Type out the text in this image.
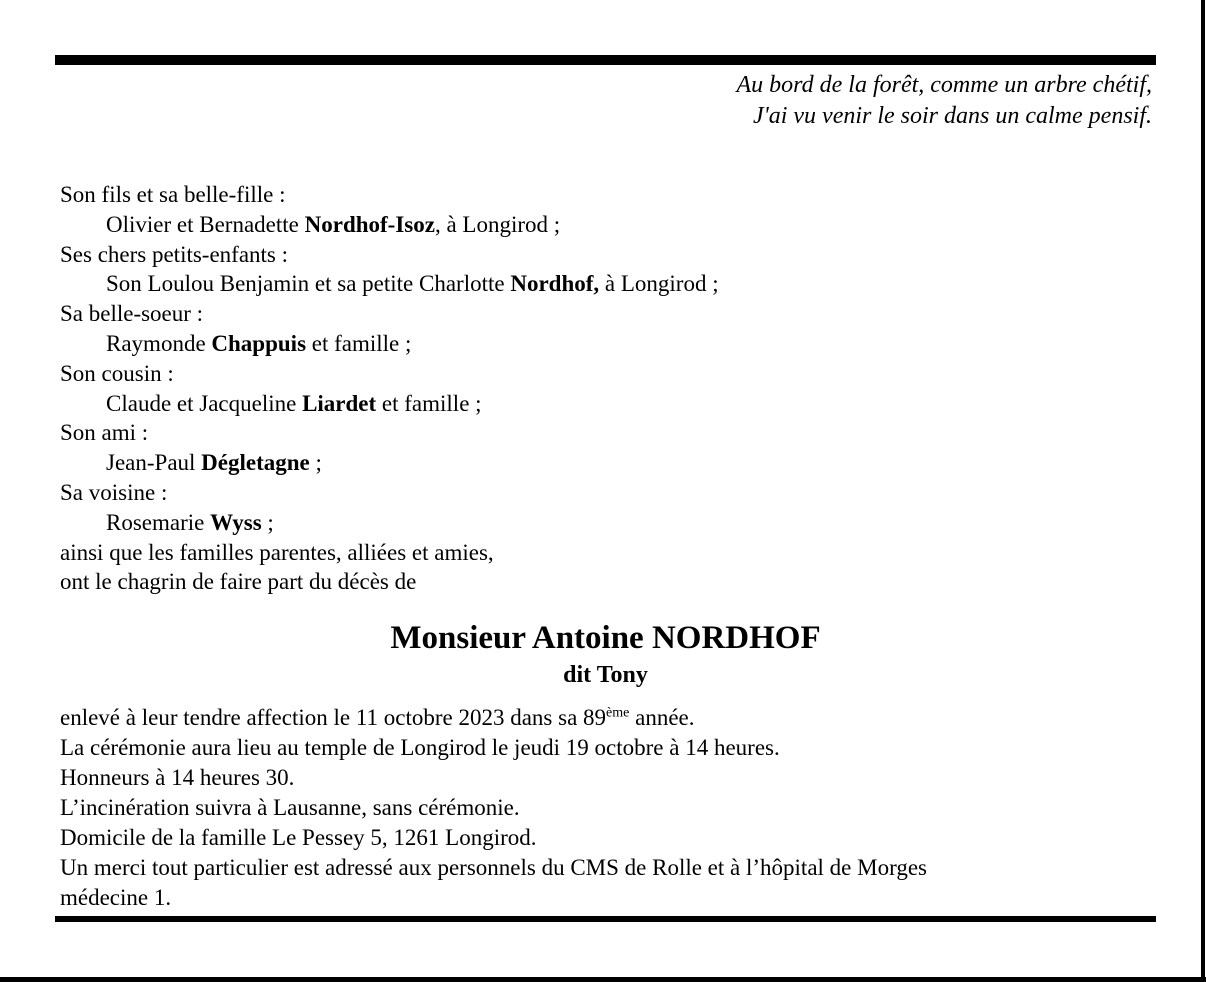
Au bord de la forêt, comme un arbre chétif,
J'ai vu venir le soir dans un calme pensif.
Son fils et sa belle-fille :
Olivier et Bernadette Nordhof-Isoz, à Longirod ;
Ses chers petits-enfants :
Son Loulou Benjamin et sa petite Charlotte Nordhof, à Longirod ;
Sa belle-soeur :
Raymonde Chappuis et famille ;
Son cousin :
Claude et Jacqueline Liardet et famille ;
Son ami :
Jean-Paul Dégletagne ;
Sa voisine :
Rosemarie Wyss ;
ainsi que les familles parentes, alliées et amies,
ont le chagrin de faire part du décès de
Monsieur Antoine NORDHOF
dit Tony
enlevé à leur tendre affection le 11 octobre 2023 dans sa 89ème année.
La cérémonie aura lieu au temple de Longirod le jeudi 19 octobre à 14 heures.
Honneurs à 14 heures 30.
L’incinération suivra à Lausanne, sans cérémonie.
Domicile de la famille Le Pessey 5, 1261 Longirod.
Un merci tout particulier est adressé aux personnels du CMS de Rolle et à l’hôpital de Morges
médecine 1.
